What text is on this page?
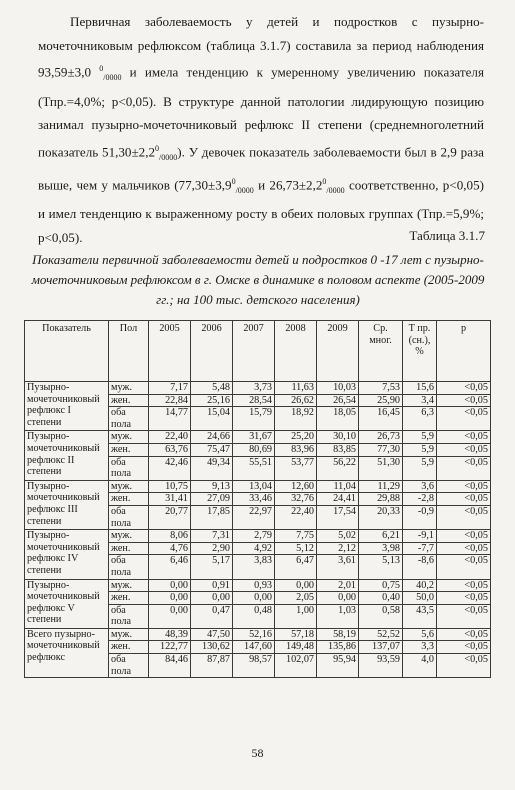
Первичная заболеваемость у детей и подростков с пузырно-мочеточниковым рефлюксом (таблица 3.1.7) составила за период наблюдения 93,59±3,0 $^0_{/0000}$ и имела тенденцию к умеренному увеличению показателя (Тпр.=4,0%; p<0,05). В структуре данной патологии лидирующую позицию занимал пузырно-мочеточниковый рефлюкс II степени (среднемноголетний показатель $51,30\pm 2,2^0_{/0000}$). У девочек показатель заболеваемости был в 2,9 раза выше, чем у мальчиков ($77,30\pm 3,9^0_{/0000}$ и $26,73\pm 2,2^0_{/0000}$ соответственно, p<0,05) и имел тенденцию к выраженному росту в обеих половых группах (Тпр.=5,9%; p<0,05).	Таблица 3.1.7
Показатели первичной заболеваемости детей и подростков 0 -17 лет с пузырно-мочеточниковым рефлюксом в г. Омске в динамике в половом аспекте (2005-2009 гг.; на 100 тыс. детского населения)
Показатель	Пол	2005	2006	2007	2008	2009	Ср. мног.	T пр. (сн.), %	p
Пузырно-мочеточниковый рефлюкс I степени	муж.	7,17	5,48	3,73	11,63	10,03	7,53	15,6	<0,05
	жен.	22,84	25,16	28,54	26,62	26,54	25,90	3,4	<0,05
	оба пола	14,77	15,04	15,79	18,92	18,05	16,45	6,3	<0,05
Пузырно-мочеточниковый рефлюкс II степени	муж.	22,40	24,66	31,67	25,20	30,10	26,73	5,9	<0,05
	жен.	63,76	75,47	80,69	83,96	83,85	77,30	5,9	<0,05
	оба пола	42,46	49,34	55,51	53,77	56,22	51,30	5,9	<0,05
Пузырно-мочеточниковый рефлюкс III степени	муж.	10,75	9,13	13,04	12,60	11,04	11,29	3,6	<0,05
	жен.	31,41	27,09	33,46	32,76	24,41	29,88	-2,8	<0,05
	оба пола	20,77	17,85	22,97	22,40	17,54	20,33	-0,9	<0,05
Пузырно-мочеточниковый рефлюкс IV степени	муж.	8,06	7,31	2,79	7,75	5,02	6,21	-9,1	<0,05
	жен.	4,76	2,90	4,92	5,12	2,12	3,98	-7,7	<0,05
	оба пола	6,46	5,17	3,83	6,47	3,61	5,13	-8,6	<0,05
Пузырно-мочеточниковый рефлюкс V степени	муж.	0,00	0,91	0,93	0,00	2,01	0,75	40,2	<0,05
	жен.	0,00	0,00	0,00	2,05	0,00	0,40	50,0	<0,05
	оба пола	0,00	0,47	0,48	1,00	1,03	0,58	43,5	<0,05
Всего пузырно-мочеточниковый рефлюкс	муж.	48,39	47,50	52,16	57,18	58,19	52,52	5,6	<0,05
	жен.	122,77	130,62	147,60	149,48	135,86	137,07	3,3	<0,05
	оба пола	84,46	87,87	98,57	102,07	95,94	93,59	4,0	<0,05
58
